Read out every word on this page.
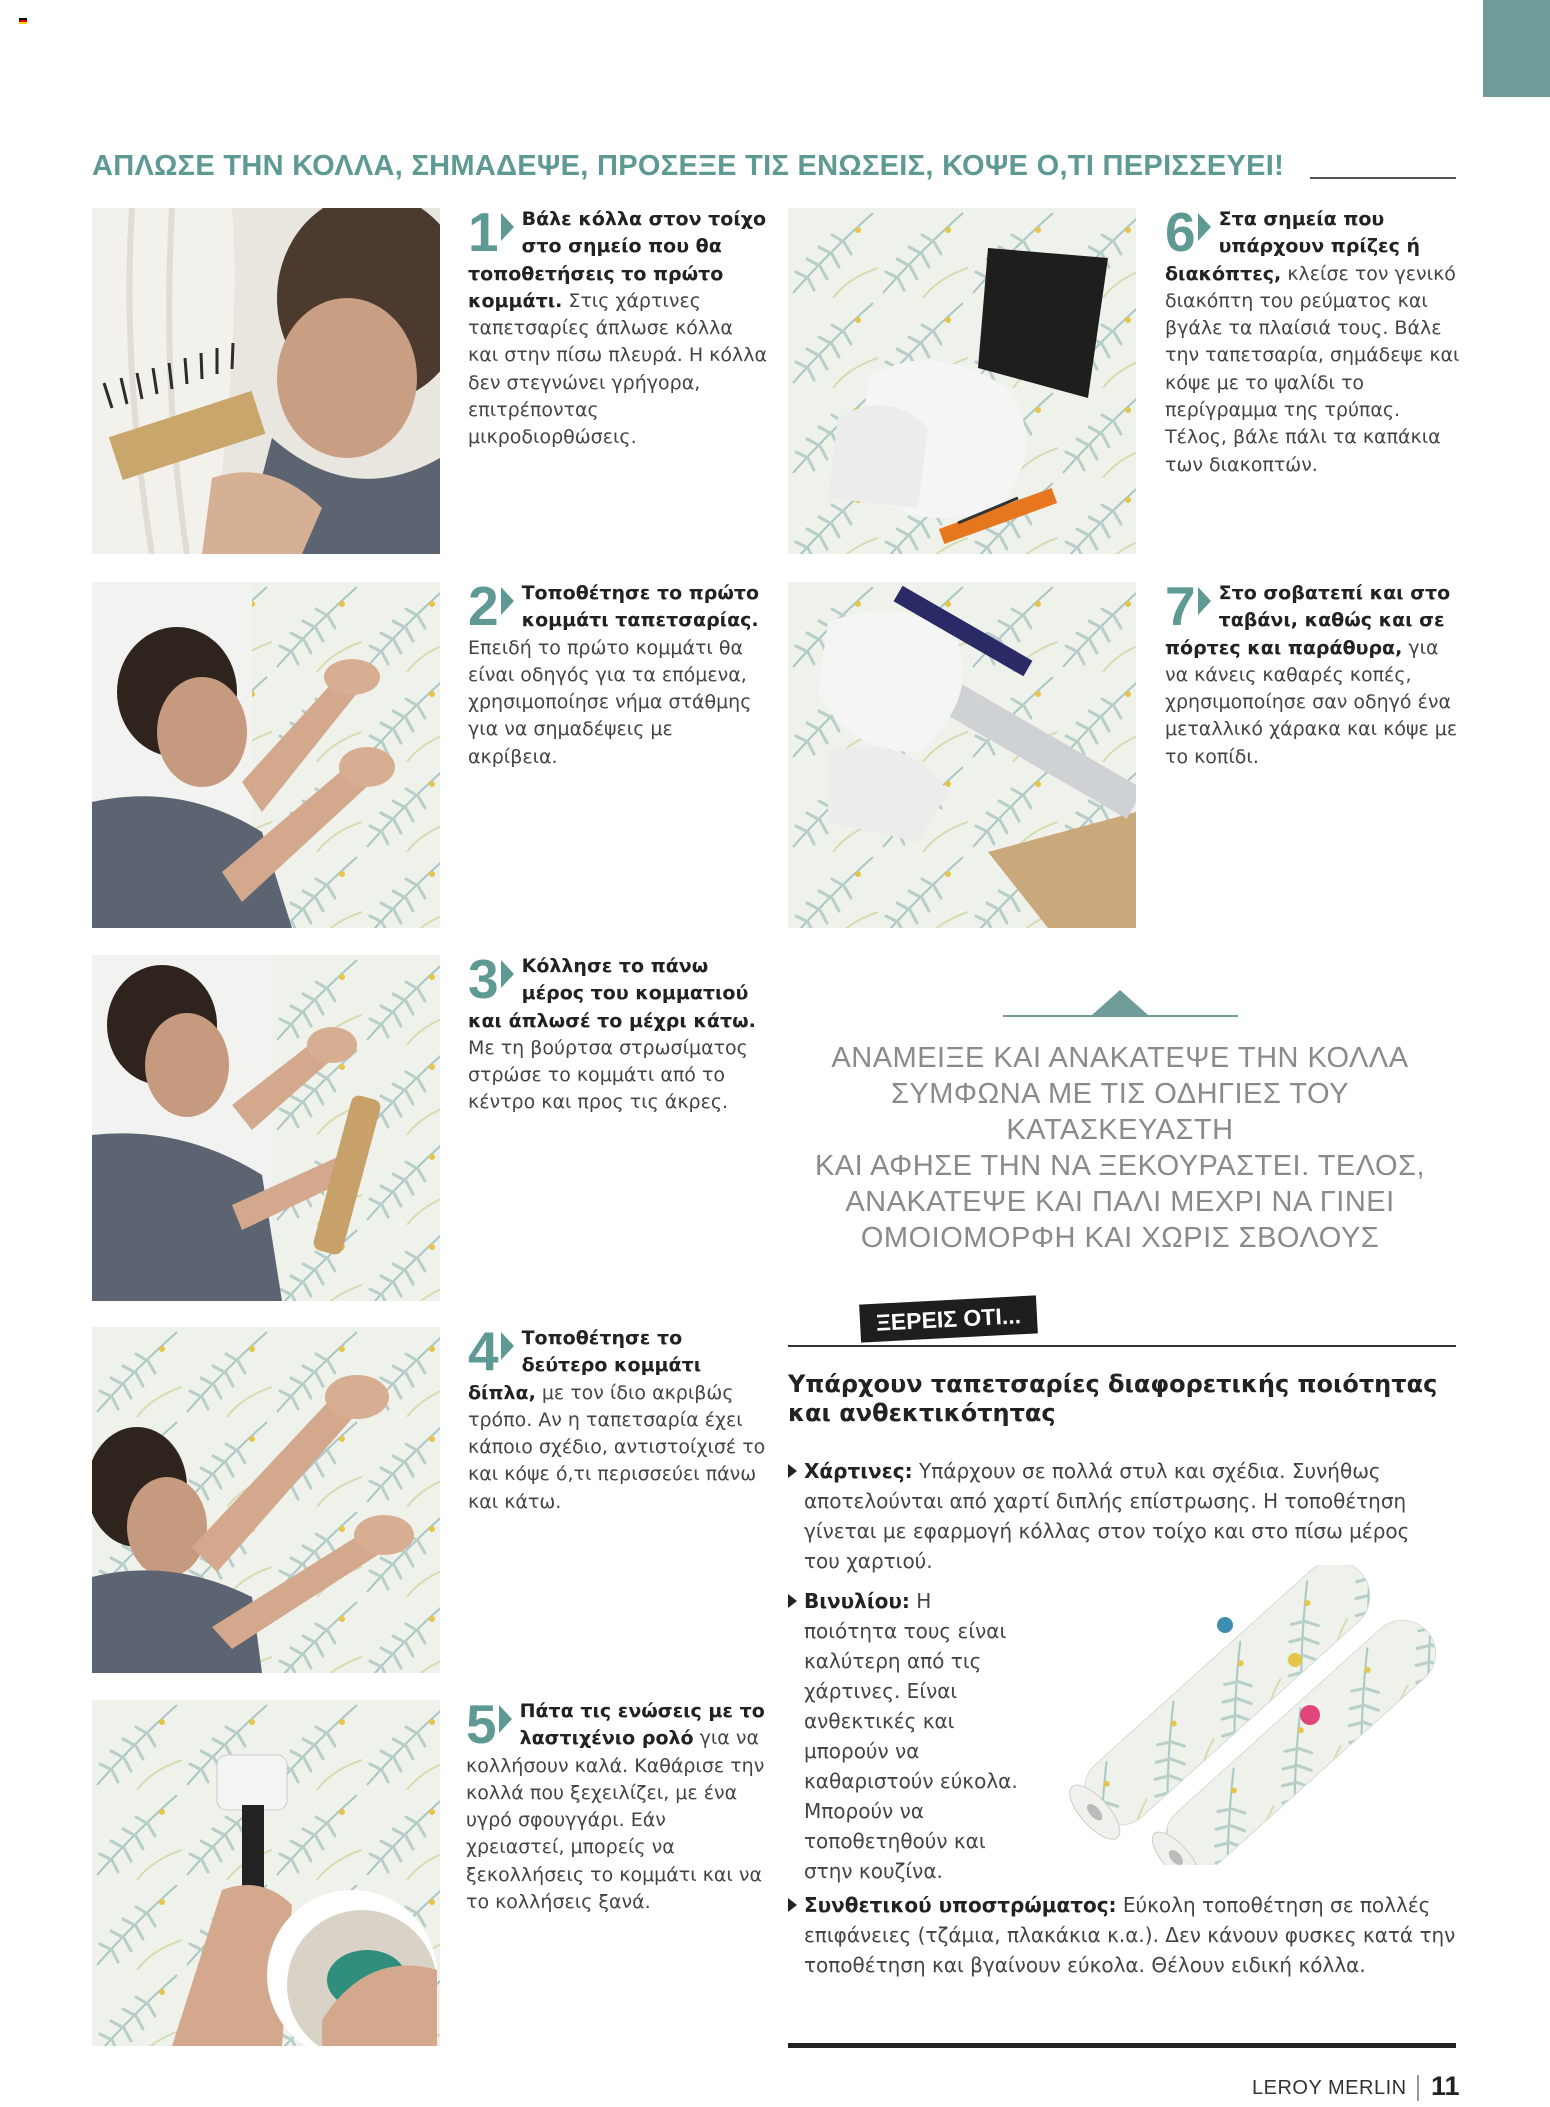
ΑΠΛΩΣΕ ΤΗΝ ΚΟΛΛΑ, ΣΗΜΑΔΕΨΕ, ΠΡΟΣΕΞΕ ΤΙΣ ΕΝΩΣΕΙΣ, ΚΟΨΕ Ο,ΤΙ ΠΕΡΙΣΣΕΥΕΙ!
1	Βάλε κόλλα στον τοίχο στο σημείο που θα τοποθετήσεις το πρώτο κομμάτι. Στις χάρτινες ταπετσαρίες άπλωσε κόλλα και στην πίσω πλευρά. Η κόλλα δεν στεγνώνει γρήγορα, επιτρέποντας μικροδιορθώσεις.
2	Τοποθέτησε το πρώτο κομμάτι ταπετσαρίας. Επειδή το πρώτο κομμάτι θα είναι οδηγός για τα επόμενα, χρησιμοποίησε νήμα στάθμης για να σημαδέψεις με ακρίβεια.
3	Κόλλησε το πάνω μέρος του κομματιού και άπλωσέ το μέχρι κάτω. Με τη βούρτσα στρωσίματος στρώσε το κομμάτι από το κέντρο και προς τις άκρες.
4	Τοποθέτησε το δεύτερο κομμάτι δίπλα, με τον ίδιο ακριβώς τρόπο. Αν η ταπετσαρία έχει κάποιο σχέδιο, αντιστοίχισέ το και κόψε ό,τι περισσεύει πάνω και κάτω.
5	Πάτα τις ενώσεις με το λαστιχένιο ρολό για να κολλήσουν καλά. Καθάρισε την κολλά που ξεχειλίζει, με ένα υγρό σφουγγάρι. Εάν χρειαστεί, μπορείς να ξεκολλήσεις το κομμάτι και να το κολλήσεις ξανά.
6	Στα σημεία που υπάρχουν πρίζες ή διακόπτες, κλείσε τον γενικό διακόπτη του ρεύματος και βγάλε τα πλαίσιά τους. Βάλε την ταπετσαρία, σημάδεψε και κόψε με το ψαλίδι το περίγραμμα της τρύπας. Τέλος, βάλε πάλι τα καπάκια των διακοπτών.
7	Στο σοβατεπί και στο ταβάνι, καθώς και σε πόρτες και παράθυρα, για να κάνεις καθαρές κοπές, χρησιμοποίησε σαν οδηγό ένα μεταλλικό χάρακα και κόψε με το κοπίδι.
ΑΝΑΜΕΙΞΕ ΚΑΙ ΑΝΑΚΑΤΕΨΕ ΤΗΝ ΚΟΛΛΑ
ΣΥΜΦΩΝΑ ΜΕ ΤΙΣ ΟΔΗΓΙΕΣ ΤΟΥ ΚΑΤΑΣΚΕΥΑΣΤΗ
ΚΑΙ ΑΦΗΣΕ ΤΗΝ ΝΑ ΞΕΚΟΥΡΑΣΤΕΙ. ΤΕΛΟΣ,
ΑΝΑΚΑΤΕΨΕ ΚΑΙ ΠΑΛΙ ΜΕΧΡΙ ΝΑ ΓΙΝΕΙ
ΟΜΟΙΟΜΟΡΦΗ ΚΑΙ ΧΩΡΙΣ ΣΒΟΛΟΥΣ
ΞΕΡΕΙΣ ΟΤΙ...
Υπάρχουν ταπετσαρίες διαφορετικής ποιότητας και ανθεκτικότητας
Χάρτινες: Υπάρχουν σε πολλά στυλ και σχέδια. Συνήθως αποτελούνται από χαρτί διπλής επίστρωσης. Η τοποθέτηση γίνεται με εφαρμογή κόλλας στον τοίχο και στο πίσω μέρος του χαρτιού.
Βινυλίου: Η ποιότητα τους είναι καλύτερη από τις χάρτινες. Είναι ανθεκτικές και μπορούν να καθαριστούν εύκολα. Μπορούν να τοποθετηθούν και στην κουζίνα.
Συνθετικού υποστρώματος: Εύκολη τοποθέτηση σε πολλές επιφάνειες (τζάμια, πλακάκια κ.α.). Δεν κάνουν φυσκες κατά την τοποθέτηση και βγαίνουν εύκολα. Θέλουν ειδική κόλλα.
LEROY MERLIN 11
